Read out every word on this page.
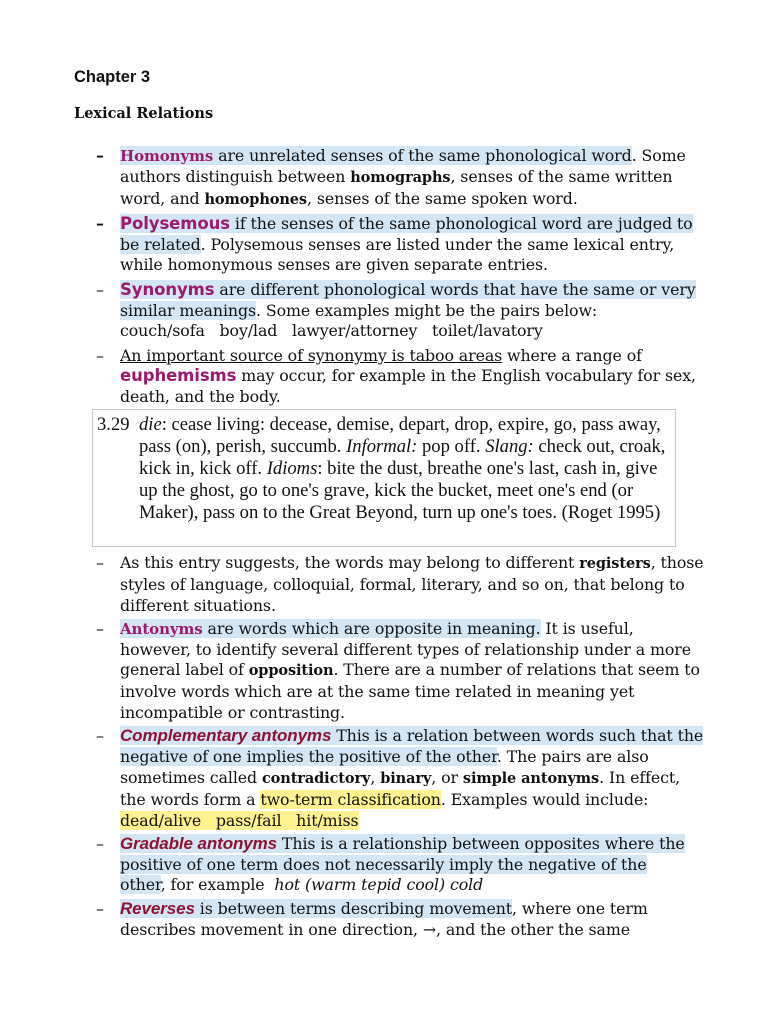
Chapter 3
Lexical Relations
– Homonyms are unrelated senses of the same phonological word. Some authors distinguish between homographs, senses of the same written word, and homophones, senses of the same spoken word.
– Polysemous if the senses of the same phonological word are judged to be related. Polysemous senses are listed under the same lexical entry, while homonymous senses are given separate entries.
– Synonyms are different phonological words that have the same or very similar meanings. Some examples might be the pairs below:
couch/sofa   boy/lad   lawyer/attorney   toilet/lavatory
– An important source of synonymy is taboo areas where a range of euphemisms may occur, for example in the English vocabulary for sex, death, and the body.
3.29 die: cease living: decease, demise, depart, drop, expire, go, pass away, pass (on), perish, succumb. Informal: pop off. Slang: check out, croak, kick in, kick off. Idioms: bite the dust, breathe one's last, cash in, give up the ghost, go to one's grave, kick the bucket, meet one's end (or Maker), pass on to the Great Beyond, turn up one's toes. (Roget 1995)
– As this entry suggests, the words may belong to different registers, those styles of language, colloquial, formal, literary, and so on, that belong to different situations.
– Antonyms are words which are opposite in meaning. It is useful, however, to identify several different types of relationship under a more general label of opposition. There are a number of relations that seem to involve words which are at the same time related in meaning yet incompatible or contrasting.
– Complementary antonyms This is a relation between words such that the negative of one implies the positive of the other. The pairs are also sometimes called contradictory, binary, or simple antonyms. In effect, the words form a two-term classification. Examples would include: dead/alive   pass/fail   hit/miss
– Gradable antonyms This is a relationship between opposites where the positive of one term does not necessarily imply the negative of the other, for example  hot (warm tepid cool) cold
– Reverses is between terms describing movement, where one term describes movement in one direction, →, and the other the same
